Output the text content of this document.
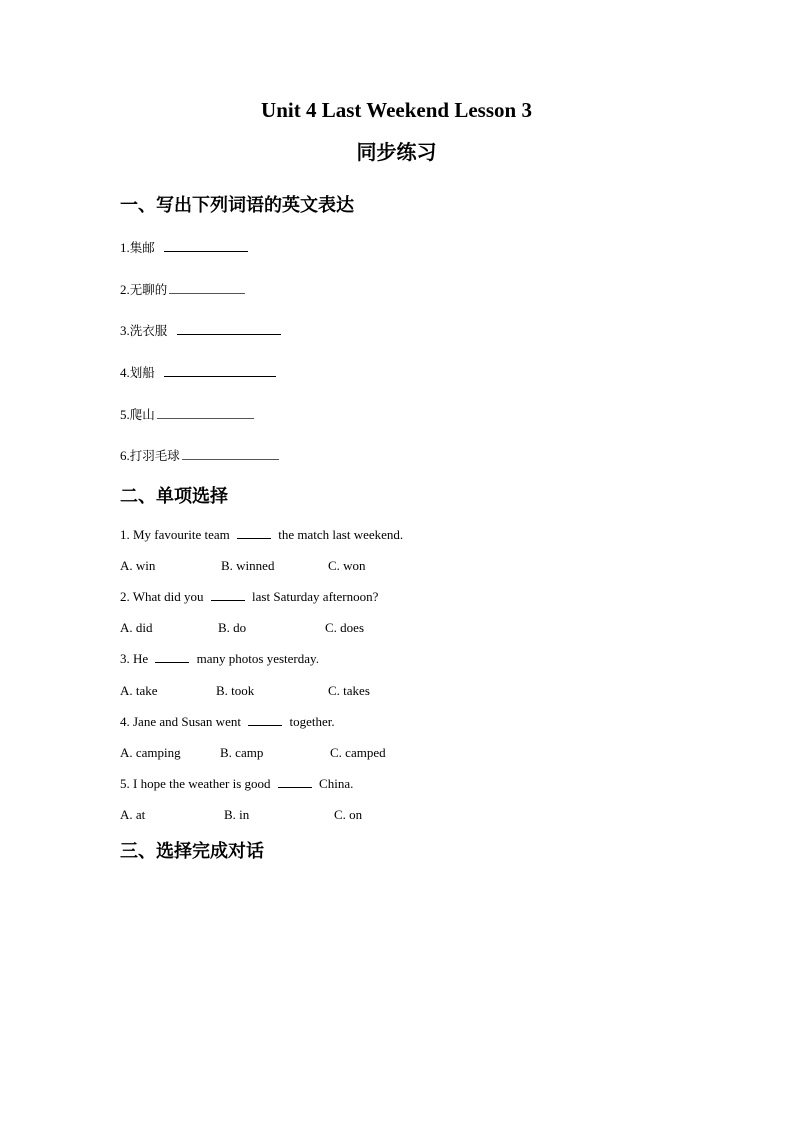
Unit 4 Last Weekend Lesson 3
同步练习
一、写出下列词语的英文表达
1.集邮
2.无聊的
3.洗衣服
4.划船
5.爬山
6.打羽毛球
二、单项选择
1. My favourite team	the match last weekend.
A. win	B. winned	C. won
2. What did you	last Saturday afternoon?
A. did	B. do	C. does
3. He	many photos yesterday.
A. take	B. took	C. takes
4. Jane and Susan went	together.
A. camping	B. camp	C. camped
5. I hope the weather is good	China.
A. at	B. in	C. on
三、选择完成对话
